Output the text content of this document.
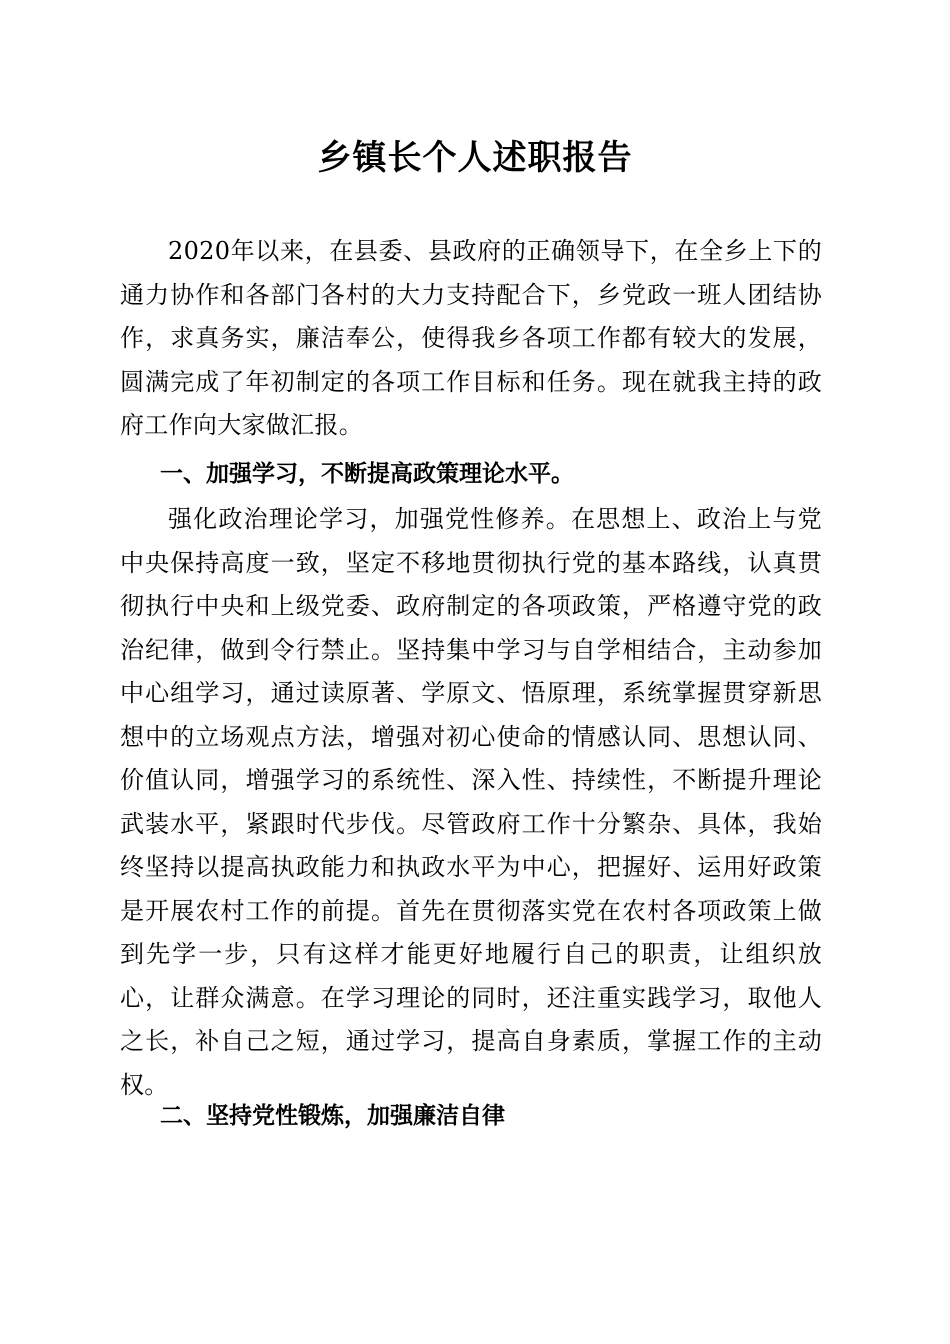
乡镇长个人述职报告

2020年以来，在县委、县政府的正确领导下，在全乡上下的通力协作和各部门各村的大力支持配合下，乡党政一班人团结协作，求真务实，廉洁奉公，使得我乡各项工作都有较大的发展，圆满完成了年初制定的各项工作目标和任务。现在就我主持的政府工作向大家做汇报。

一、加强学习，不断提高政策理论水平。

强化政治理论学习，加强党性修养。在思想上、政治上与党中央保持高度一致，坚定不移地贯彻执行党的基本路线，认真贯彻执行中央和上级党委、政府制定的各项政策，严格遵守党的政治纪律，做到令行禁止。坚持集中学习与自学相结合，主动参加中心组学习，通过读原著、学原文、悟原理，系统掌握贯穿新思想中的立场观点方法，增强对初心使命的情感认同、思想认同、价值认同，增强学习的系统性、深入性、持续性，不断提升理论武装水平，紧跟时代步伐。尽管政府工作十分繁杂、具体，我始终坚持以提高执政能力和执政水平为中心，把握好、运用好政策是开展农村工作的前提。首先在贯彻落实党在农村各项政策上做到先学一步，只有这样才能更好地履行自己的职责，让组织放心，让群众满意。在学习理论的同时，还注重实践学习，取他人之长，补自己之短，通过学习，提高自身素质，掌握工作的主动权。

二、坚持党性锻炼，加强廉洁自律
